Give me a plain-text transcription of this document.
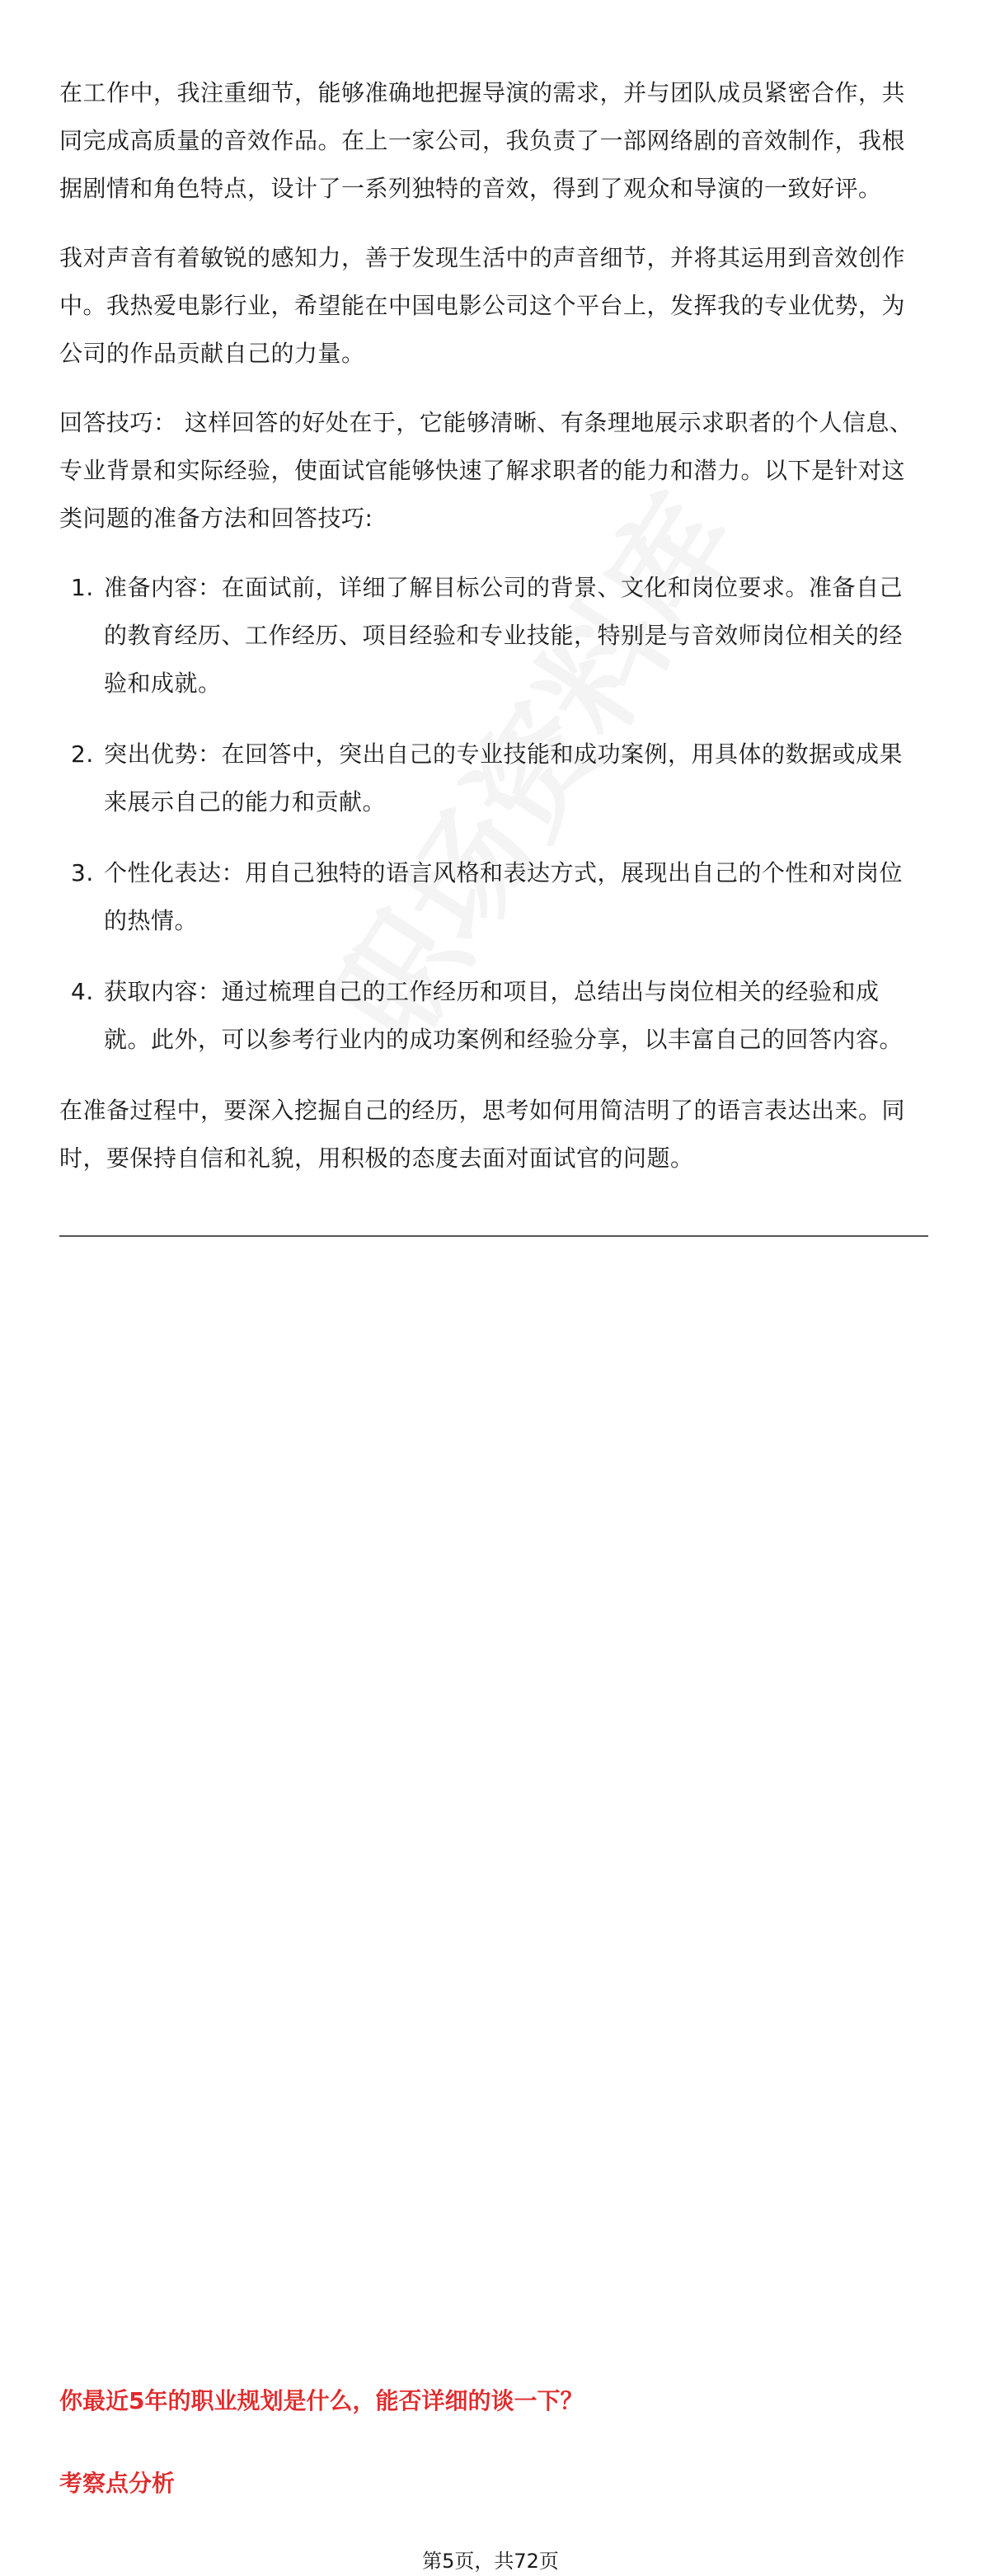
在工作中，我注重细节，能够准确地把握导演的需求，并与团队成员紧密合作，共同完成高质量的音效作品。在上一家公司，我负责了一部网络剧的音效制作，我根据剧情和角色特点，设计了一系列独特的音效，得到了观众和导演的一致好评。

我对声音有着敏锐的感知力，善于发现生活中的声音细节，并将其运用到音效创作中。我热爱电影行业，希望能在中国电影公司这个平台上，发挥我的专业优势，为公司的作品贡献自己的力量。

回答技巧： 这样回答的好处在于，它能够清晰、有条理地展示求职者的个人信息、专业背景和实际经验，使面试官能够快速了解求职者的能力和潜力。以下是针对这类问题的准备方法和回答技巧:

1. 准备内容：在面试前，详细了解目标公司的背景、文化和岗位要求。准备自己的教育经历、工作经历、项目经验和专业技能，特别是与音效师岗位相关的经验和成就。
2. 突出优势：在回答中，突出自己的专业技能和成功案例，用具体的数据或成果来展示自己的能力和贡献。
3. 个性化表达：用自己独特的语言风格和表达方式，展现出自己的个性和对岗位的热情。
4. 获取内容：通过梳理自己的工作经历和项目，总结出与岗位相关的经验和成就。此外，可以参考行业内的成功案例和经验分享，以丰富自己的回答内容。

在准备过程中，要深入挖掘自己的经历，思考如何用简洁明了的语言表达出来。同时，要保持自信和礼貌，用积极的态度去面对面试官的问题。

你最近5年的职业规划是什么，能否详细的谈一下？
考察点分析
第5页，共72页
